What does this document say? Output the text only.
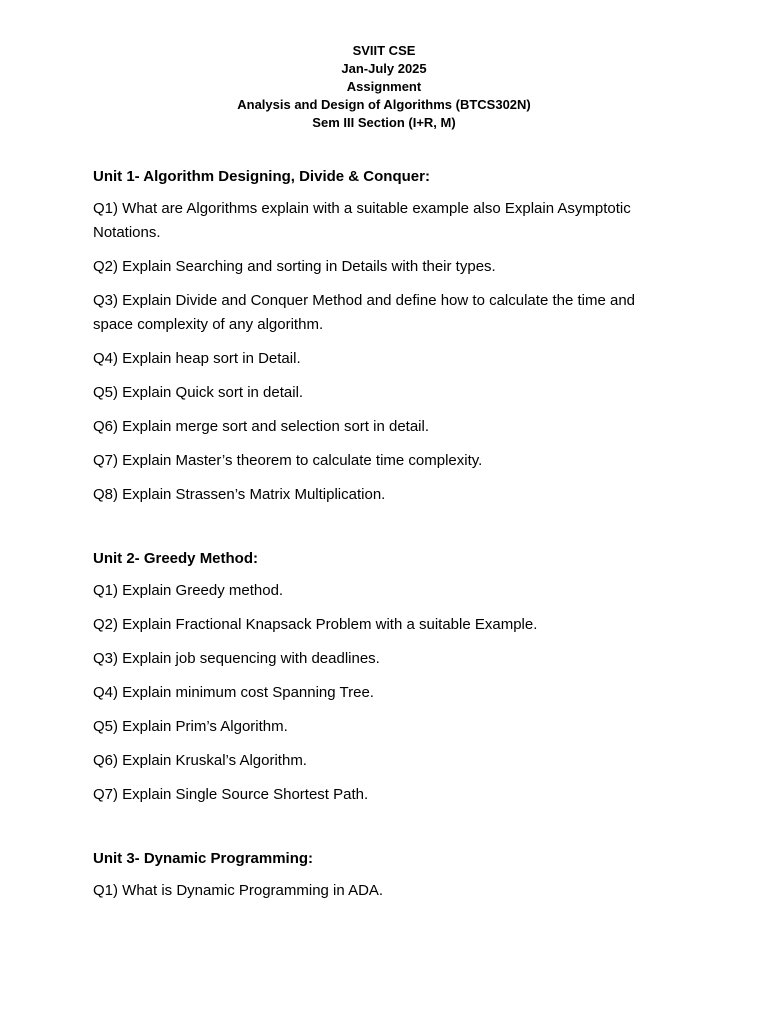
SVIIT CSE
Jan-July 2025
Assignment
Analysis and Design of Algorithms (BTCS302N)
Sem III Section (I+R, M)
Unit 1- Algorithm Designing, Divide & Conquer:
Q1) What are Algorithms explain with a suitable example also Explain Asymptotic Notations.
Q2) Explain Searching and sorting in Details with their types.
Q3) Explain Divide and Conquer Method and define how to calculate the time and space complexity of any algorithm.
Q4) Explain heap sort in Detail.
Q5) Explain Quick sort in detail.
Q6) Explain merge sort and selection sort in detail.
Q7) Explain Master’s theorem to calculate time complexity.
Q8) Explain Strassen’s Matrix Multiplication.
Unit 2- Greedy Method:
Q1) Explain Greedy method.
Q2) Explain Fractional Knapsack Problem with a suitable Example.
Q3) Explain job sequencing with deadlines.
Q4) Explain minimum cost Spanning Tree.
Q5) Explain Prim’s Algorithm.
Q6) Explain Kruskal’s Algorithm.
Q7) Explain Single Source Shortest Path.
Unit 3- Dynamic Programming:
Q1) What is Dynamic Programming in ADA.
